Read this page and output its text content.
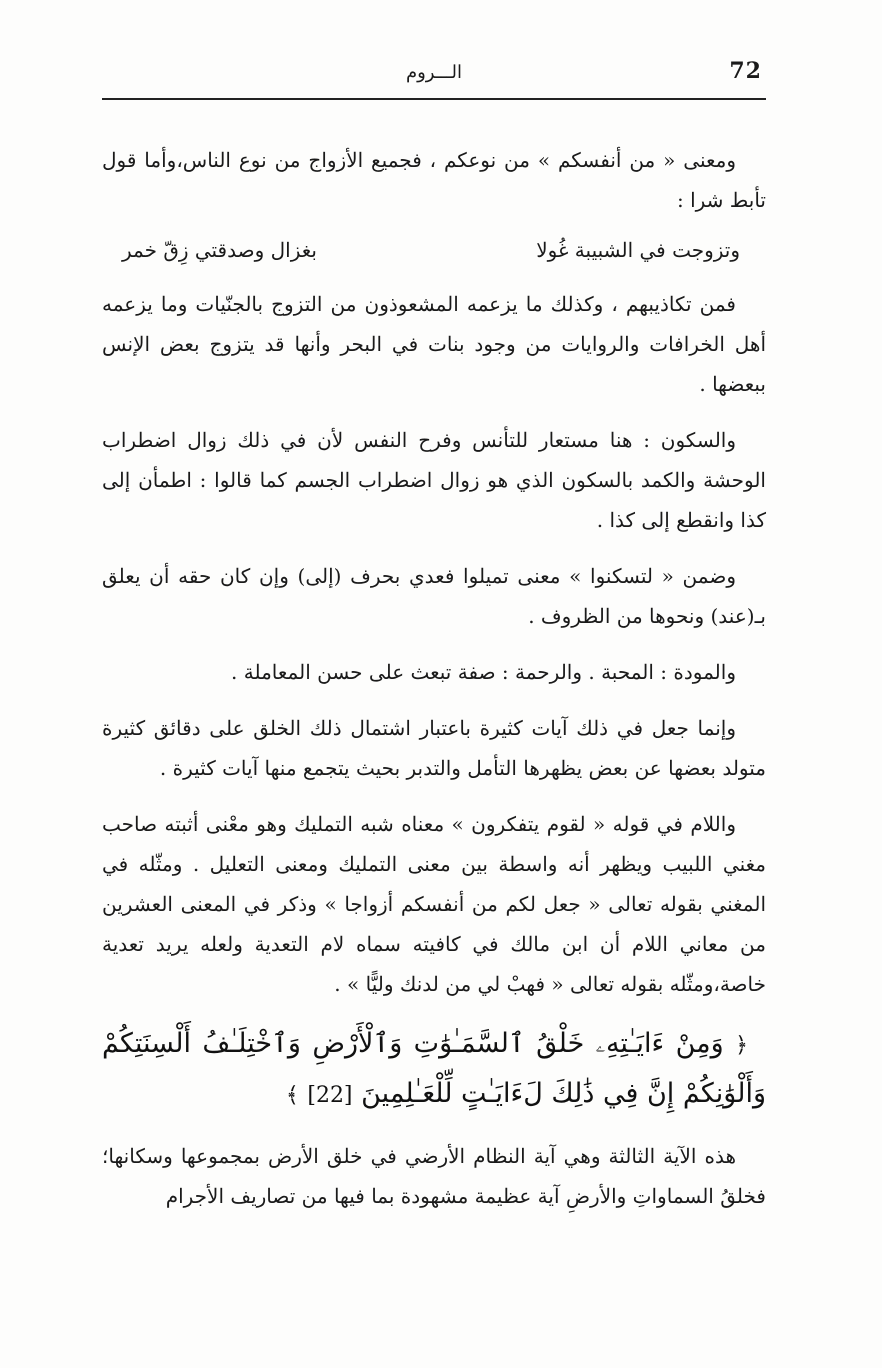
72
الـــروم

ومعنى « من أنفسكم » من نوعكم ، فجميع الأزواج من نوع الناس،وأما قول تأبط شرا :

وتزوجت في الشبيبة غُولا
بغزال وصدقتي زِقّ خمر

فمن تكاذيبهم ، وكذلك ما يزعمه المشعوذون من التزوج بالجنّيات وما يزعمه أهل الخرافات والروايات من وجود بنات في البحر وأنها قد يتزوج بعض الإنس ببعضها .

والسكون : هنا مستعار للتأنس وفرح النفس لأن في ذلك زوال اضطراب الوحشة والكمد بالسكون الذي هو زوال اضطراب الجسم كما قالوا : اطمأن إلى كذا وانقطع إلى كذا .

وضمن « لتسكنوا » معنى تميلوا فعدي بحرف (إلى) وإن كان حقه أن يعلق بـ(عند) ونحوها من الظروف .

والمودة : المحبة . والرحمة : صفة تبعث على حسن المعاملة .

وإنما جعل في ذلك آيات كثيرة باعتبار اشتمال ذلك الخلق على دقائق كثيرة متولد بعضها عن بعض يظهرها التأمل والتدبر بحيث يتجمع منها آيات كثيرة .

واللام في قوله « لقوم يتفكرون » معناه شبه التمليك وهو معْنى أثبته صاحب مغني اللبيب ويظهر أنه واسطة بين معنى التمليك ومعنى التعليل . ومثّله في المغني بقوله تعالى « جعل لكم من أنفسكم أزواجا » وذكر في المعنى العشرين من معاني اللام أن ابن مالك في كافيته سماه لام التعدية ولعله يريد تعدية خاصة،ومثّله بقوله تعالى « فهبْ لي من لدنك وليًّا » .

﴿ وَمِنْ ءَايَـٰتِهِۦ خَلْقُ ٱلسَّمَـٰوَٰتِ وَٱلْأَرْضِ وَٱخْتِلَـٰفُ أَلْسِنَتِكُمْ وَأَلْوَٰنِكُمْ إِنَّ فِي ذَٰلِكَ لَءَايَـٰتٍ لِّلْعَـٰلِمِينَ [22] ﴾

هذه الآية الثالثة وهي آية النظام الأرضي في خلق الأرض بمجموعها وسكانها؛ فخلقُ السماواتِ والأرضِ آية عظيمة مشهودة بما فيها من تصاريف الأجرام
